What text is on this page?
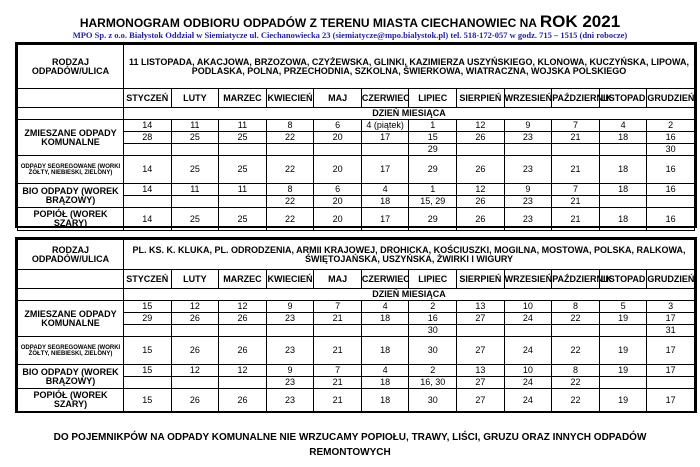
HARMONOGRAM ODBIORU ODPADÓW Z TERENU MIASTA CIECHANOWIEC NA ROK 2021
MPO Sp. z o.o. Białystok Oddział w Siemiatycze ul. Ciechanowiecka 23 (siemiatycze@mpo.bialystok.pl) tel. 518-172-057 w godz. 715 – 1515 (dni robocze)
RODZAJ ODPADÓW/ULICA	11 LISTOPADA, AKACJOWA, BRZOZOWA, CZYŻEWSKA, GLINKI, KAZIMIERZA USZYŃSKIEGO, KLONOWA, KUCZYŃSKA, LIPOWA, PODLASKA, POLNA, PRZECHODNIA, SZKOLNA, ŚWIERKOWA, WIATRACZNA, WOJSKA POLSKIEGO											
	STYCZEŃ	LUTY	MARZEC	KWIECIEŃ	MAJ	CZERWIEC	LIPIEC	SIERPIEŃ	WRZESIEŃ	PAŹDZIERNIK	LISTOPAD	GRUDZIEŃ
	DZIEŃ MIESIĄCA											
ZMIESZANE ODPADY KOMUNALNE	14	11	11	8	6	4 (piątek)	1	12	9	7	4	2
	28	25	25	22	20	17	15	26	23	21	18	16
							29					30
ODPADY SEGREGOWANE (WORKI ŻÓŁTY, NIEBIESKI, ZIELONY)	14	25	25	22	20	17	29	26	23	21	18	16
BIO ODPADY (WOREK BRĄZOWY)	14	11	11	8	6	4	1	12	9	7	18	16
				22	20	18	15, 29	26	23	21		
POPIÓŁ (WOREK SZARY)	14	25	25	22	20	17	29	26	23	21	18	16
RODZAJ ODPADÓW/ULICA	PL. KS. K. KLUKA, PL. ODRODZENIA, ARMII KRAJOWEJ, DROHICKA, KOŚCIUSZKI, MOGILNA, MOSTOWA, POLSKA, RALKOWA, ŚWIĘTOJAŃSKA, USZYŃSKA, ŻWIRKI I WIGURY											
	STYCZEŃ	LUTY	MARZEC	KWIECIEŃ	MAJ	CZERWIEC	LIPIEC	SIERPIEŃ	WRZESIEŃ	PAŹDZIERNIK	LISTOPAD	GRUDZIEŃ
	DZIEŃ MIESIĄCA											
ZMIESZANE ODPADY KOMUNALNE	15	12	12	9	7	4	2	13	10	8	5	3
	29	26	26	23	21	18	16	27	24	22	19	17
							30					31
ODPADY SEGREGOWANE (WORKI ŻÓŁTY, NIEBIESKI, ZIELONY)	15	26	26	23	21	18	30	27	24	22	19	17
BIO ODPADY (WOREK BRĄZOWY)	15	12	12	9	7	4	2	13	10	8	19	17
				23	21	18	16, 30	27	24	22		
POPIÓŁ (WOREK SZARY)	15	26	26	23	21	18	30	27	24	22	19	17
DO POJEMNIKPÓW NA ODPADY KOMUNALNE NIE WRZUCAMY POPIOŁU, TRAWY, LIŚCI, GRUZU ORAZ INNYCH ODPADÓW REMONTOWYCH
